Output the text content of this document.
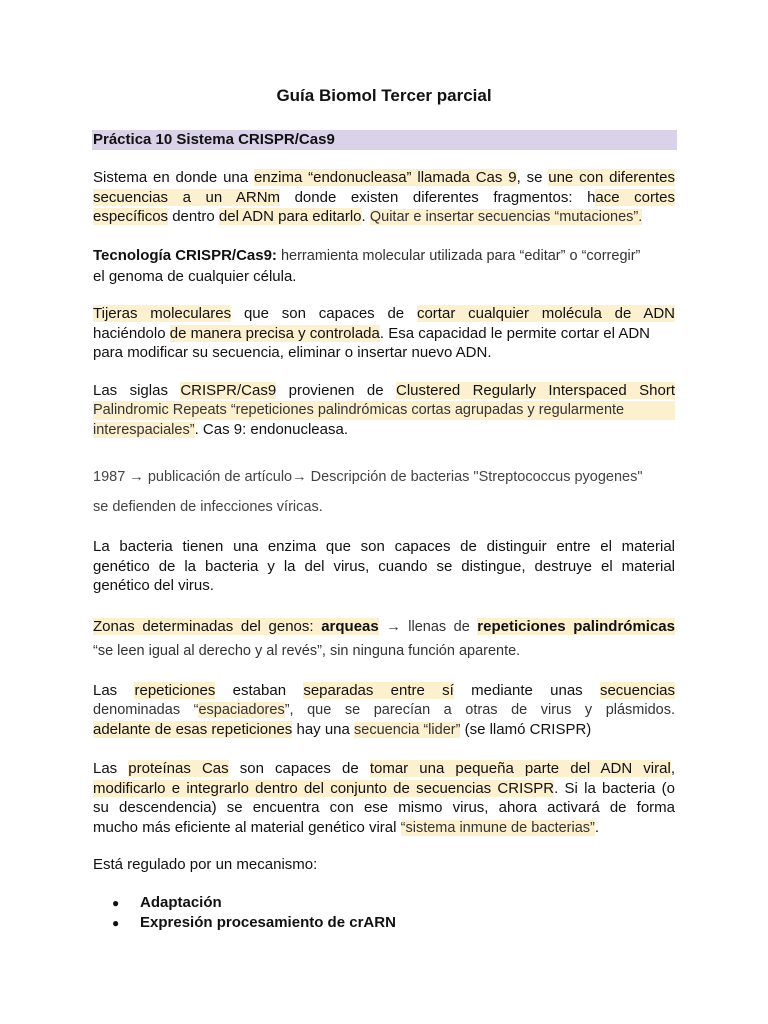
Guía Biomol Tercer parcial
Práctica 10 Sistema CRISPR/Cas9
Sistema en donde una enzima “endonucleasa” llamada Cas 9, se une con diferentes
secuencias a un ARNm donde existen diferentes fragmentos: hace cortes
específicos dentro del ADN para editarlo. Quitar e insertar secuencias “mutaciones”.
Tecnología CRISPR/Cas9: herramienta molecular utilizada para “editar” o “corregir”
el genoma de cualquier célula.
Tijeras moleculares que son capaces de cortar cualquier molécula de ADN
haciéndolo de manera precisa y controlada. Esa capacidad le permite cortar el ADN
para modificar su secuencia, eliminar o insertar nuevo ADN.
Las siglas CRISPR/Cas9 provienen de Clustered Regularly Interspaced Short
Palindromic Repeats “repeticiones palindrómicas cortas agrupadas y regularmente
interespaciales”. Cas 9: endonucleasa.
1987 → publicación de artículo→ Descripción de bacterias "Streptococcus pyogenes"
se defienden de infecciones víricas.
La bacteria tienen una enzima que son capaces de distinguir entre el material
genético de la bacteria y la del virus, cuando se distingue, destruye el material
genético del virus.
Zonas determinadas del genos: arqueas → llenas de repeticiones palindrómicas
“se leen igual al derecho y al revés”, sin ninguna función aparente.
Las repeticiones estaban separadas entre sí mediante unas secuencias
denominadas “espaciadores”, que se parecían a otras de virus y plásmidos.
adelante de esas repeticiones hay una secuencia “lider” (se llamó CRISPR)
Las proteínas Cas son capaces de tomar una pequeña parte del ADN viral,
modificarlo e integrarlo dentro del conjunto de secuencias CRISPR. Si la bacteria (o
su descendencia) se encuentra con ese mismo virus, ahora activará de forma
mucho más eficiente al material genético viral “sistema inmune de bacterias”.
Está regulado por un mecanismo:
●	Adaptación
●	Expresión procesamiento de crARN
